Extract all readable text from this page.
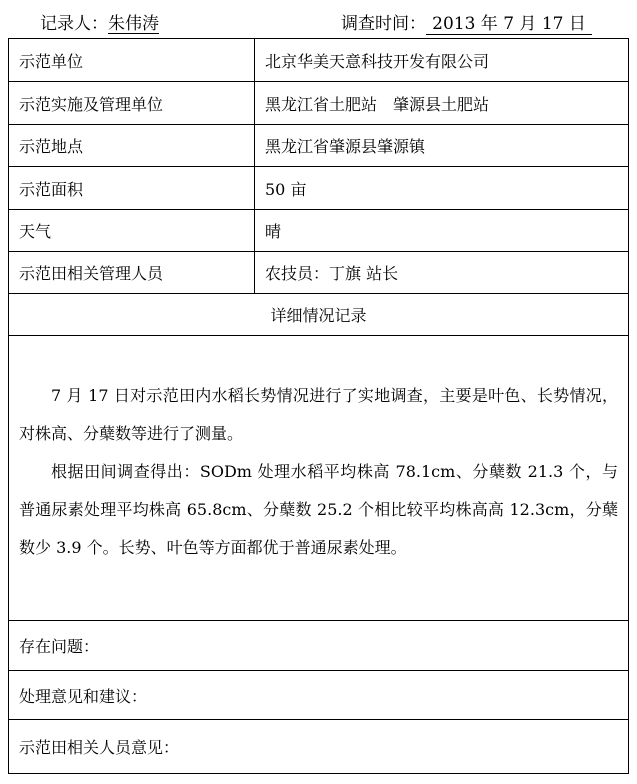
记录人：朱伟涛	调查时间： 2013 年 7 月 17 日
示范单位	北京华美天意科技开发有限公司
示范实施及管理单位	黑龙江省土肥站　肇源县土肥站
示范地点	黑龙江省肇源县肇源镇
示范面积	50 亩
天气	晴
示范田相关管理人员	农技员：丁旗 站长
详细情况记录

7 月 17 日对示范田内水稻长势情况进行了实地调查，主要是叶色、长势情况，对株高、分蘖数等进行了测量。

根据田间调查得出：SODm 处理水稻平均株高 78.1cm、分蘖数 21.3 个，与普通尿素处理平均株高 65.8cm、分蘖数 25.2 个相比较平均株高高 12.3cm，分蘖数少 3.9 个。长势、叶色等方面都优于普通尿素处理。

存在问题：
处理意见和建议：
示范田相关人员意见：
